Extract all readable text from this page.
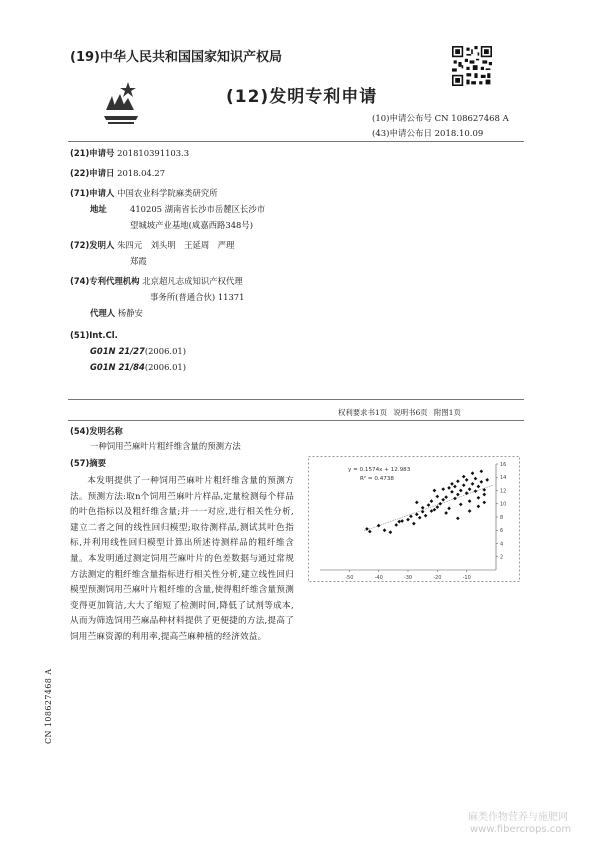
(19)中华人民共和国国家知识产权局
(12)发明专利申请
(10)申请公布号 CN 108627468 A
(43)申请公布日 2018.10.09
(21)申请号 201810391103.3
(22)申请日 2018.04.27
(71)申请人 中国农业科学院麻类研究所
地址	410205 湖南省长沙市岳麓区长沙市
望城坡产业基地(咸嘉西路348号)
(72)发明人 朱四元　刘头明　王延周　严理
郑霞
(74)专利代理机构 北京超凡志成知识产权代理
事务所(普通合伙) 11371
代理人 杨静安
(51)Int.Cl.
G01N 21/27(2006.01)
G01N 21/84(2006.01)
权利要求书1页 说明书6页 附图1页
(54)发明名称
一种饲用苎麻叶片粗纤维含量的预测方法
(57)摘要
本发明提供了一种饲用苎麻叶片粗纤维含量的预测方法。预测方法:取n个饲用苎麻叶片样品,定量检测每个样品的叶色指标以及粗纤维含量;并一一对应,进行相关性分析,建立二者之间的线性回归模型;取待测样品,测试其叶色指标,并利用线性回归模型计算出所述待测样品的粗纤维含量。本发明通过测定饲用苎麻叶片的色差数据与通过常规方法测定的粗纤维含量指标进行相关性分析,建立线性回归模型预测饲用苎麻叶片粗纤维的含量,使得粗纤维含量预测变得更加简洁,大大了缩短了检测时间,降低了试剂等成本,从而为筛选饲用苎麻品种材料提供了更便捷的方法,提高了饲用苎麻资源的利用率,提高苎麻种植的经济效益。
-50	-40	-30	-20	-10
2
4
6
8
10
12
14
16
y = 0.1574x + 12.983
R² = 0.4738
CN 108627468 A
麻类作物营养与施肥网
www.fibercrops.com
